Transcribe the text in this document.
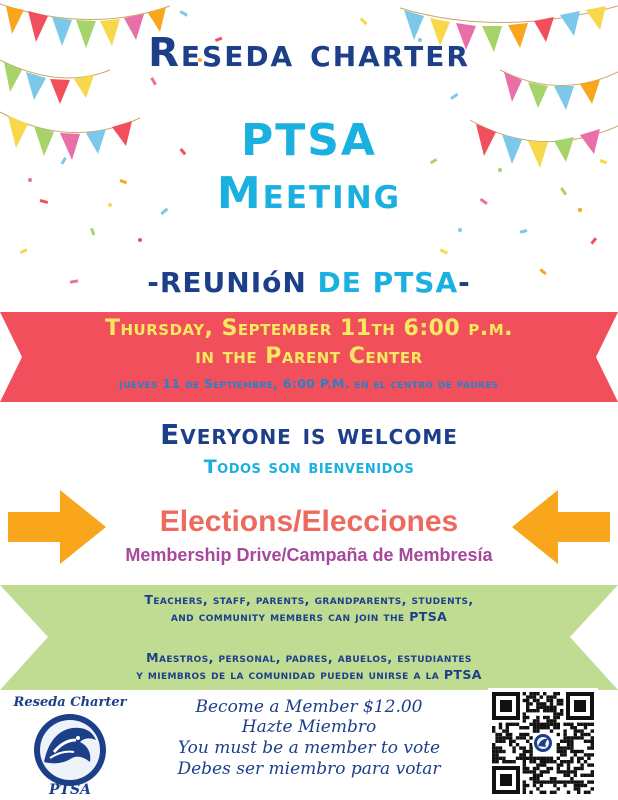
Reseda charter
PTSA
Meeting
-REUNIóN DE PTSA-
Thursday, September 11th 6:00 p.m.
in the Parent Center
jueves 11 de Septiembre, 6:00 P.M. en el centro de padres
Everyone is welcome
Todos son bienvenidos
Elections/Elecciones
Membership Drive/Campaña de Membresía
Teachers, staff, parents, grandparents, students,
and community members can join the PTSA
Maestros, personal, padres, abuelos, estudiantes
y miembros de la comunidad pueden unirse a la PTSA
Reseda Charter
PTSA
Become a Member $12.00
Hazte Miembro
You must be a member to vote
Debes ser miembro para votar
